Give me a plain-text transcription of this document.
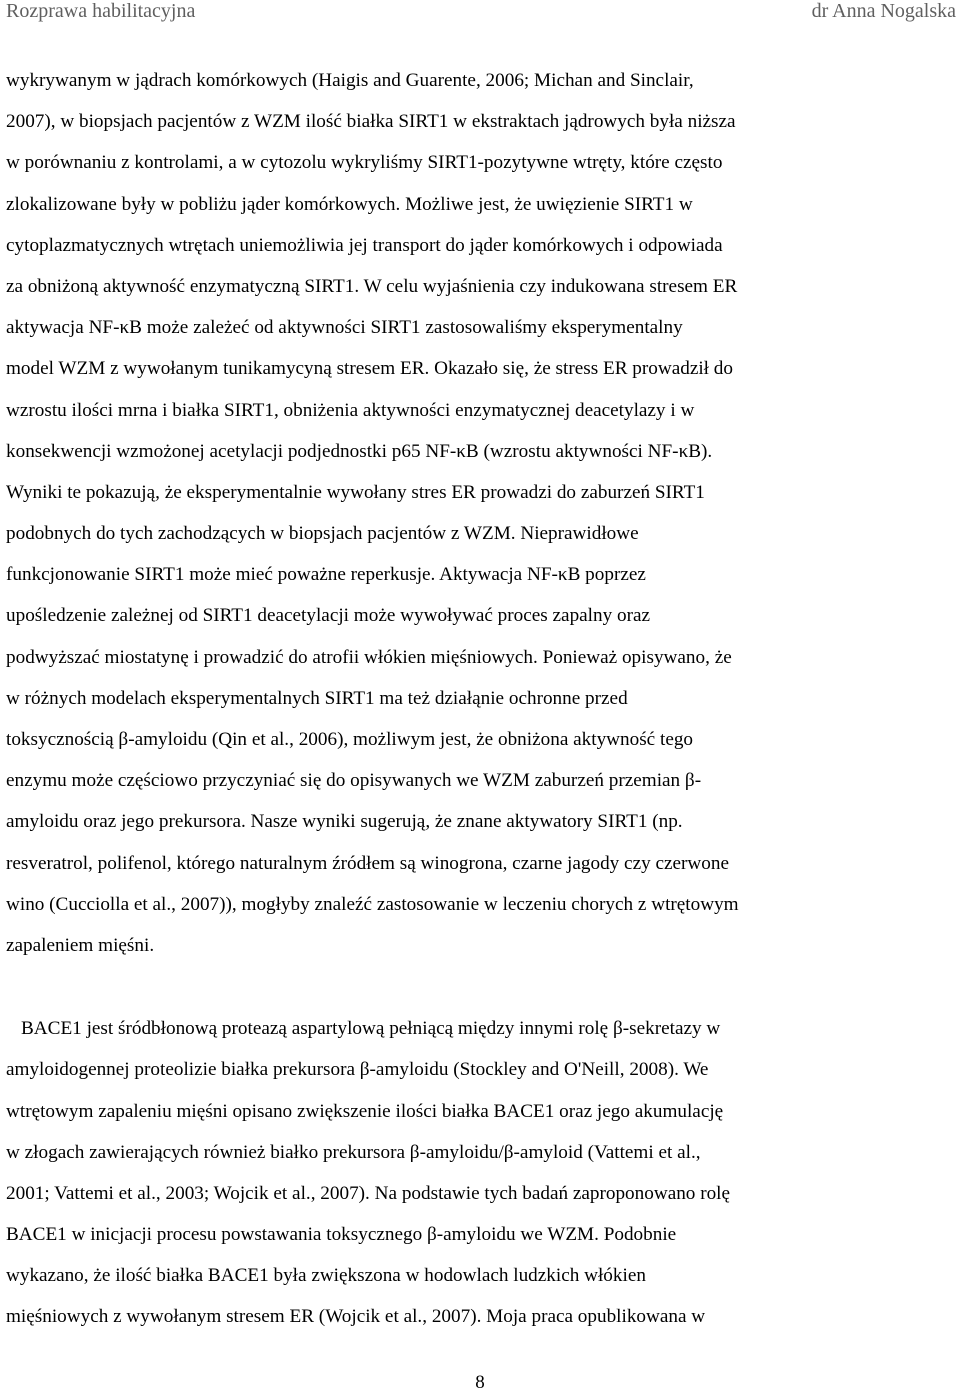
Rozprawa habilitacyjna	dr Anna Nogalska
wykrywanym w jądrach komórkowych (Haigis and Guarente, 2006; Michan and Sinclair,
2007), w biopsjach pacjentów z WZM ilość białka SIRT1 w ekstraktach jądrowych była niższa
w porównaniu z kontrolami, a w cytozolu wykryliśmy SIRT1-pozytywne wtręty, które często
zlokalizowane były w pobliżu jąder komórkowych. Możliwe jest, że uwięzienie SIRT1 w
cytoplazmatycznych wtrętach uniemożliwia jej transport do jąder komórkowych i odpowiada
za obniżoną aktywność enzymatyczną SIRT1. W celu wyjaśnienia czy indukowana stresem ER
aktywacja NF-κB może zależeć od aktywności SIRT1 zastosowaliśmy eksperymentalny
model WZM z wywołanym tunikamycyną stresem ER. Okazało się, że stress ER prowadził do
wzrostu ilości mrna i białka SIRT1, obniżenia aktywności enzymatycznej deacetylazy i w
konsekwencji wzmożonej acetylacji podjednostki p65 NF-κB (wzrostu aktywności NF-κB).
Wyniki te pokazują, że eksperymentalnie wywołany stres ER prowadzi do zaburzeń SIRT1
podobnych do tych zachodzących w biopsjach pacjentów z WZM. Nieprawidłowe
funkcjonowanie SIRT1 może mieć poważne reperkusje. Aktywacja NF-κB poprzez
upośledzenie zależnej od SIRT1 deacetylacji może wywoływać proces zapalny oraz
podwyższać miostatynę i prowadzić do atrofii włókien mięśniowych. Ponieważ opisywano, że
w różnych modelach eksperymentalnych SIRT1 ma też działąnie ochronne przed
toksycznością β-amyloidu (Qin et al., 2006), możliwym jest, że obniżona aktywność tego
enzymu może częściowo przyczyniać się do opisywanych we WZM zaburzeń przemian β-
amyloidu oraz jego prekursora. Nasze wyniki sugerują, że znane aktywatory SIRT1 (np.
resveratrol, polifenol, którego naturalnym źródłem są winogrona, czarne jagody czy czerwone
wino (Cucciolla et al., 2007)), mogłyby znaleźć zastosowanie w leczeniu chorych z wtrętowym
zapaleniem mięśni.
BACE1 jest śródbłonową proteazą aspartylową pełniącą między innymi rolę β-sekretazy w
amyloidogennej proteolizie białka prekursora β-amyloidu (Stockley and O'Neill, 2008). We
wtrętowym zapaleniu mięśni opisano zwiększenie ilości białka BACE1 oraz jego akumulację
w złogach zawierających również białko prekursora β-amyloidu/β-amyloid (Vattemi et al.,
2001; Vattemi et al., 2003; Wojcik et al., 2007). Na podstawie tych badań zaproponowano rolę
BACE1 w inicjacji procesu powstawania toksycznego β-amyloidu we WZM. Podobnie
wykazano, że ilość białka BACE1 była zwiększona w hodowlach ludzkich włókien
mięśniowych z wywołanym stresem ER (Wojcik et al., 2007). Moja praca opublikowana w
8
